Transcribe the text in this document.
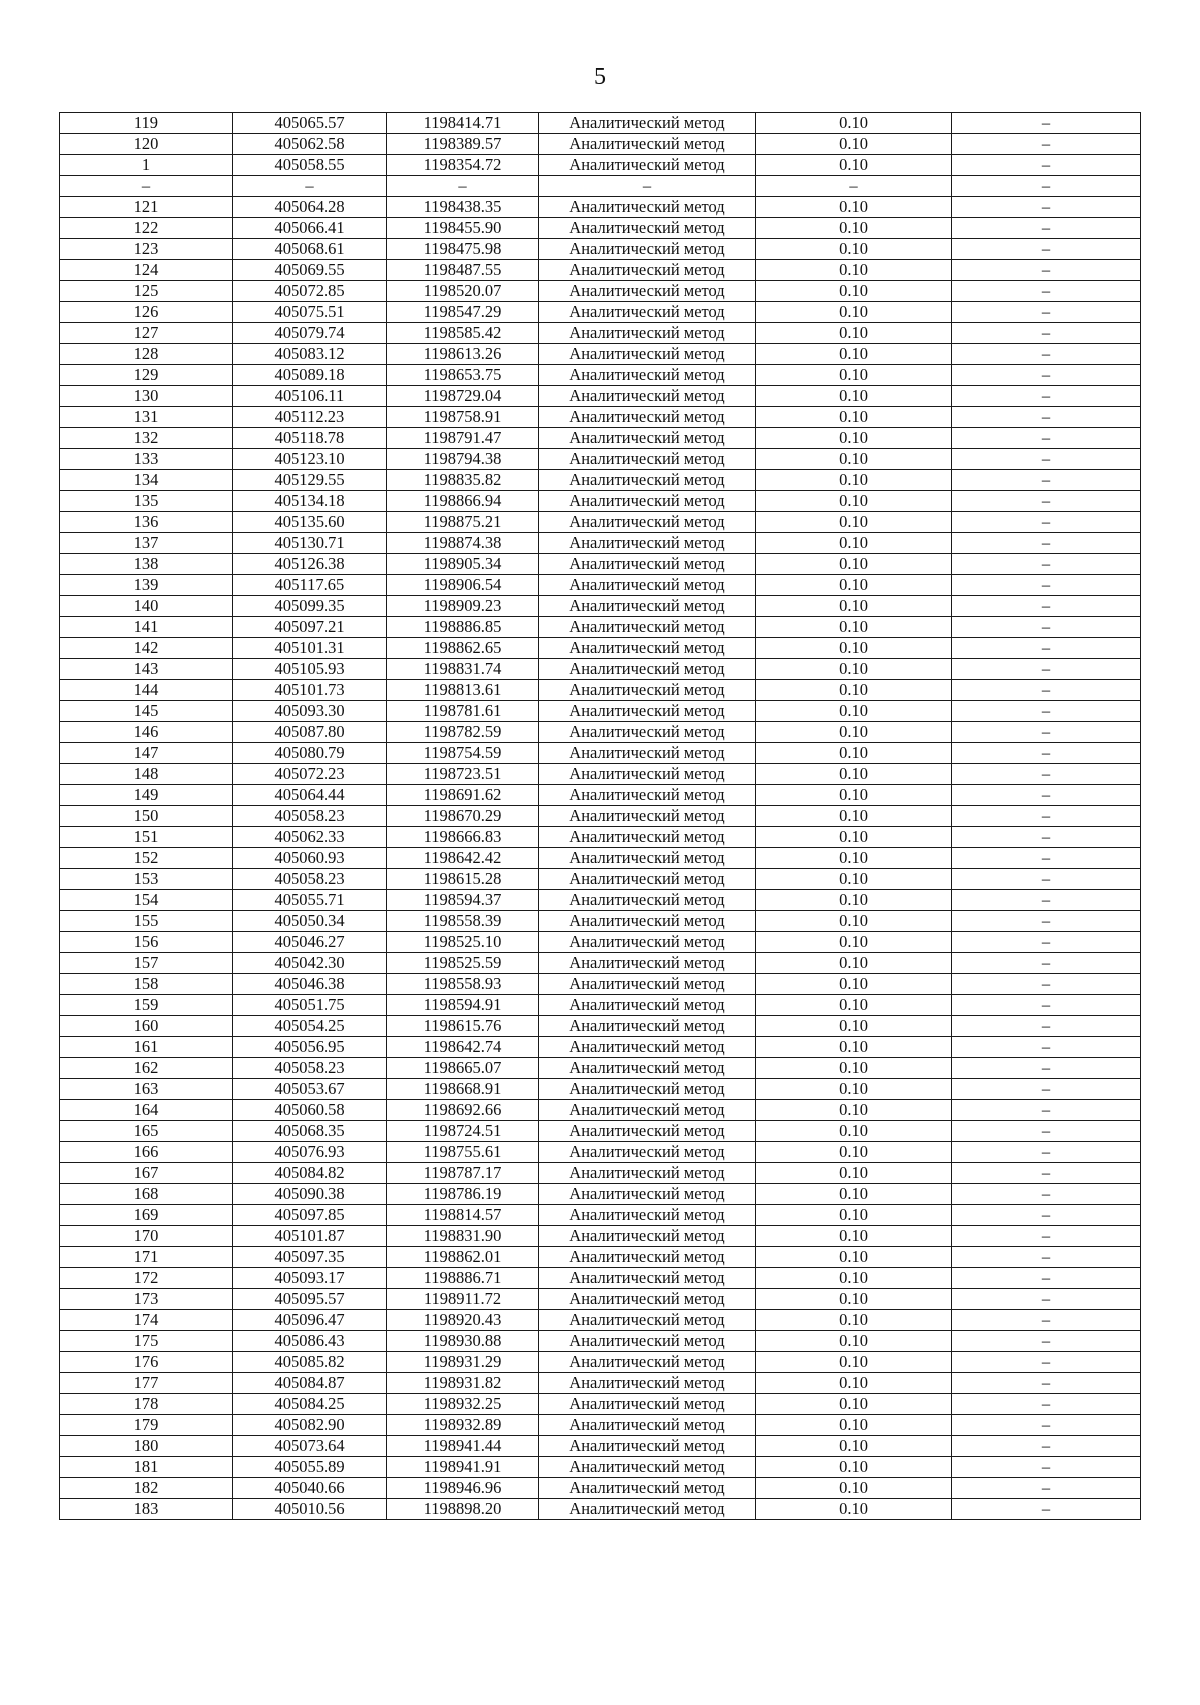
5
119	405065.57	1198414.71	Аналитический метод	0.10	–
120	405062.58	1198389.57	Аналитический метод	0.10	–
1	405058.55	1198354.72	Аналитический метод	0.10	–
–	–	–	–	–	–
121	405064.28	1198438.35	Аналитический метод	0.10	–
122	405066.41	1198455.90	Аналитический метод	0.10	–
123	405068.61	1198475.98	Аналитический метод	0.10	–
124	405069.55	1198487.55	Аналитический метод	0.10	–
125	405072.85	1198520.07	Аналитический метод	0.10	–
126	405075.51	1198547.29	Аналитический метод	0.10	–
127	405079.74	1198585.42	Аналитический метод	0.10	–
128	405083.12	1198613.26	Аналитический метод	0.10	–
129	405089.18	1198653.75	Аналитический метод	0.10	–
130	405106.11	1198729.04	Аналитический метод	0.10	–
131	405112.23	1198758.91	Аналитический метод	0.10	–
132	405118.78	1198791.47	Аналитический метод	0.10	–
133	405123.10	1198794.38	Аналитический метод	0.10	–
134	405129.55	1198835.82	Аналитический метод	0.10	–
135	405134.18	1198866.94	Аналитический метод	0.10	–
136	405135.60	1198875.21	Аналитический метод	0.10	–
137	405130.71	1198874.38	Аналитический метод	0.10	–
138	405126.38	1198905.34	Аналитический метод	0.10	–
139	405117.65	1198906.54	Аналитический метод	0.10	–
140	405099.35	1198909.23	Аналитический метод	0.10	–
141	405097.21	1198886.85	Аналитический метод	0.10	–
142	405101.31	1198862.65	Аналитический метод	0.10	–
143	405105.93	1198831.74	Аналитический метод	0.10	–
144	405101.73	1198813.61	Аналитический метод	0.10	–
145	405093.30	1198781.61	Аналитический метод	0.10	–
146	405087.80	1198782.59	Аналитический метод	0.10	–
147	405080.79	1198754.59	Аналитический метод	0.10	–
148	405072.23	1198723.51	Аналитический метод	0.10	–
149	405064.44	1198691.62	Аналитический метод	0.10	–
150	405058.23	1198670.29	Аналитический метод	0.10	–
151	405062.33	1198666.83	Аналитический метод	0.10	–
152	405060.93	1198642.42	Аналитический метод	0.10	–
153	405058.23	1198615.28	Аналитический метод	0.10	–
154	405055.71	1198594.37	Аналитический метод	0.10	–
155	405050.34	1198558.39	Аналитический метод	0.10	–
156	405046.27	1198525.10	Аналитический метод	0.10	–
157	405042.30	1198525.59	Аналитический метод	0.10	–
158	405046.38	1198558.93	Аналитический метод	0.10	–
159	405051.75	1198594.91	Аналитический метод	0.10	–
160	405054.25	1198615.76	Аналитический метод	0.10	–
161	405056.95	1198642.74	Аналитический метод	0.10	–
162	405058.23	1198665.07	Аналитический метод	0.10	–
163	405053.67	1198668.91	Аналитический метод	0.10	–
164	405060.58	1198692.66	Аналитический метод	0.10	–
165	405068.35	1198724.51	Аналитический метод	0.10	–
166	405076.93	1198755.61	Аналитический метод	0.10	–
167	405084.82	1198787.17	Аналитический метод	0.10	–
168	405090.38	1198786.19	Аналитический метод	0.10	–
169	405097.85	1198814.57	Аналитический метод	0.10	–
170	405101.87	1198831.90	Аналитический метод	0.10	–
171	405097.35	1198862.01	Аналитический метод	0.10	–
172	405093.17	1198886.71	Аналитический метод	0.10	–
173	405095.57	1198911.72	Аналитический метод	0.10	–
174	405096.47	1198920.43	Аналитический метод	0.10	–
175	405086.43	1198930.88	Аналитический метод	0.10	–
176	405085.82	1198931.29	Аналитический метод	0.10	–
177	405084.87	1198931.82	Аналитический метод	0.10	–
178	405084.25	1198932.25	Аналитический метод	0.10	–
179	405082.90	1198932.89	Аналитический метод	0.10	–
180	405073.64	1198941.44	Аналитический метод	0.10	–
181	405055.89	1198941.91	Аналитический метод	0.10	–
182	405040.66	1198946.96	Аналитический метод	0.10	–
183	405010.56	1198898.20	Аналитический метод	0.10	–
